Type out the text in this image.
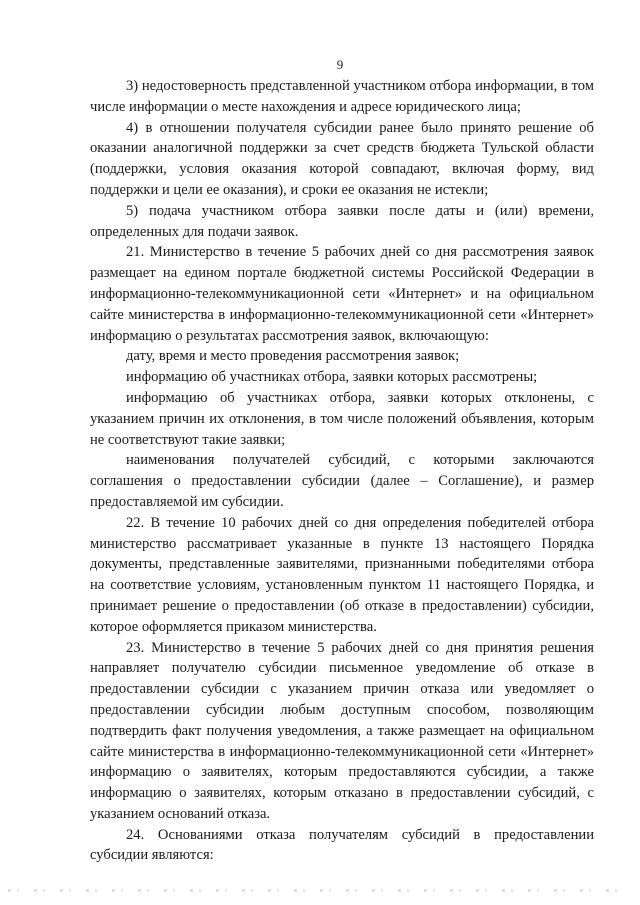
9

3) недостоверность представленной участником отбора информации, в том числе информации о месте нахождения и адресе юридического лица;

4) в отношении получателя субсидии ранее было принято решение об оказании аналогичной поддержки за счет средств бюджета Тульской области (поддержки, условия оказания которой совпадают, включая форму, вид поддержки и цели ее оказания), и сроки ее оказания не истекли;

5) подача участником отбора заявки после даты и (или) времени, определенных для подачи заявок.

21. Министерство в течение 5 рабочих дней со дня рассмотрения заявок размещает на едином портале бюджетной системы Российской Федерации в информационно-телекоммуникационной сети «Интернет» и на официальном сайте министерства в информационно-телекоммуникационной сети «Интернет» информацию о результатах рассмотрения заявок, включающую:

дату, время и место проведения рассмотрения заявок;

информацию об участниках отбора, заявки которых рассмотрены;

информацию об участниках отбора, заявки которых отклонены, с указанием причин их отклонения, в том числе положений объявления, которым не соответствуют такие заявки;

наименования получателей субсидий, с которыми заключаются соглашения о предоставлении субсидии (далее – Соглашение), и размер предоставляемой им субсидии.

22. В течение 10 рабочих дней со дня определения победителей отбора министерство рассматривает указанные в пункте 13 настоящего Порядка документы, представленные заявителями, признанными победителями отбора на соответствие условиям, установленным пунктом 11 настоящего Порядка, и принимает решение о предоставлении (об отказе в предоставлении) субсидии, которое оформляется приказом министерства.

23. Министерство в течение 5 рабочих дней со дня принятия решения направляет получателю субсидии письменное уведомление об отказе в предоставлении субсидии с указанием причин отказа или уведомляет о предоставлении субсидии любым доступным способом, позволяющим подтвердить факт получения уведомления, а также размещает на официальном сайте министерства в информационно-телекоммуникационной сети «Интернет» информацию о заявителях, которым предоставляются субсидии, а также информацию о заявителях, которым отказано в предоставлении субсидий, с указанием оснований отказа.

24. Основаниями отказа получателям субсидий в предоставлении субсидии являются:
